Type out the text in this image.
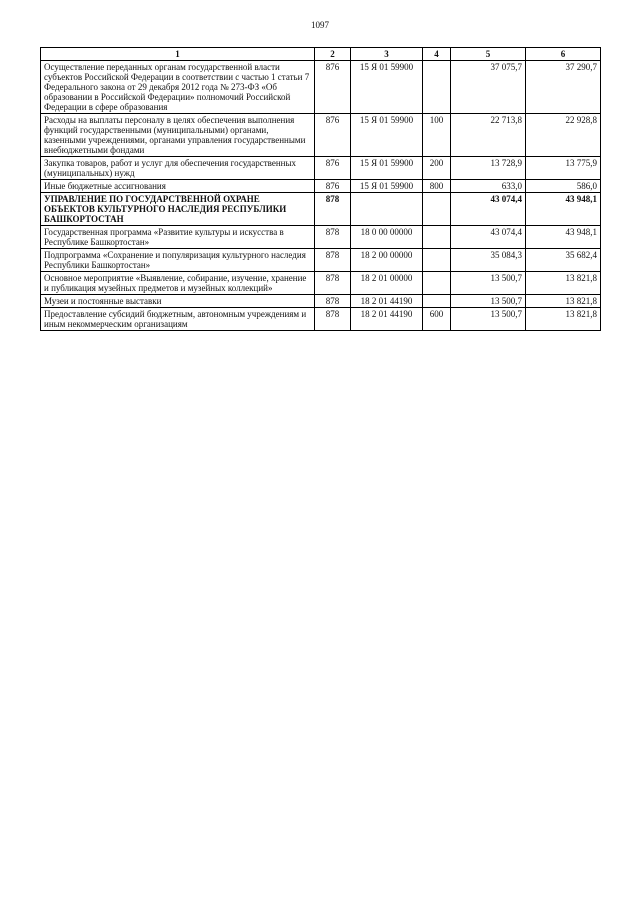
1097
1	2	3	4	5	6
Осуществление переданных органам государственной власти субъектов Российской Федерации в соответствии с частью 1 статьи 7 Федерального закона от 29 декабря 2012 года № 273-ФЗ «Об образовании в Российской Федерации» полномочий Российской Федерации в сфере образования	876	15 Я 01 59900		37 075,7	37 290,7
Расходы на выплаты персоналу в целях обеспечения выполнения функций государственными (муниципальными) органами, казенными учреждениями, органами управления государственными внебюджетными фондами	876	15 Я 01 59900	100	22 713,8	22 928,8
Закупка товаров, работ и услуг для обеспечения государственных (муниципальных) нужд	876	15 Я 01 59900	200	13 728,9	13 775,9
Иные бюджетные ассигнования	876	15 Я 01 59900	800	633,0	586,0
УПРАВЛЕНИЕ ПО ГОСУДАРСТВЕННОЙ ОХРАНЕ ОБЪЕКТОВ КУЛЬТУРНОГО НАСЛЕДИЯ РЕСПУБЛИКИ БАШКОРТОСТАН	878			43 074,4	43 948,1
Государственная программа «Развитие культуры и искусства в Республике Башкортостан»	878	18 0 00 00000		43 074,4	43 948,1
Подпрограмма «Сохранение и популяризация культурного наследия Республики Башкортостан»	878	18 2 00 00000		35 084,3	35 682,4
Основное мероприятие «Выявление, собирание, изучение, хранение и публикация музейных предметов и музейных коллекций»	878	18 2 01 00000		13 500,7	13 821,8
Музеи и постоянные выставки	878	18 2 01 44190		13 500,7	13 821,8
Предоставление субсидий бюджетным, автономным учреждениям и иным некоммерческим организациям	878	18 2 01 44190	600	13 500,7	13 821,8
